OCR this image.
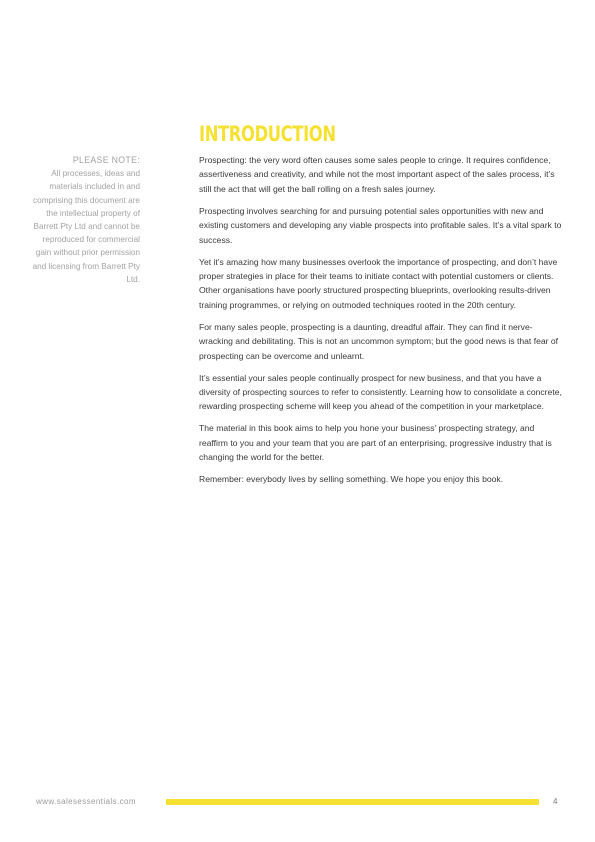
INTRODUCTION
PLEASE NOTE:
All processes, ideas and materials included in and comprising this document are the intellectual property of Barrett Pty Ltd and cannot be reproduced for commercial gain without prior permission and licensing from Barrett Pty Ltd.

Prospecting: the very word often causes some sales people to cringe. It requires confidence, assertiveness and creativity, and while not the most important aspect of the sales process, it’s still the act that will get the ball rolling on a fresh sales journey.

Prospecting involves searching for and pursuing potential sales opportunities with new and existing customers and developing any viable prospects into profitable sales. It’s a vital spark to success.

Yet it’s amazing how many businesses overlook the importance of prospecting, and don’t have proper strategies in place for their teams to initiate contact with potential customers or clients. Other organisations have poorly structured prospecting blueprints, overlooking results-driven training programmes, or relying on outmoded techniques rooted in the 20th century.

For many sales people, prospecting is a daunting, dreadful affair. They can find it nerve-wracking and debilitating. This is not an uncommon symptom; but the good news is that fear of prospecting can be overcome and unlearnt.

It’s essential your sales people continually prospect for new business, and that you have a diversity of prospecting sources to refer to consistently. Learning how to consolidate a concrete, rewarding prospecting scheme will keep you ahead of the competition in your marketplace.

The material in this book aims to help you hone your business’ prospecting strategy, and reaffirm to you and your team that you are part of an enterprising, progressive industry that is changing the world for the better.

Remember: everybody lives by selling something. We hope you enjoy this book.

www.salesessentials.com	4
